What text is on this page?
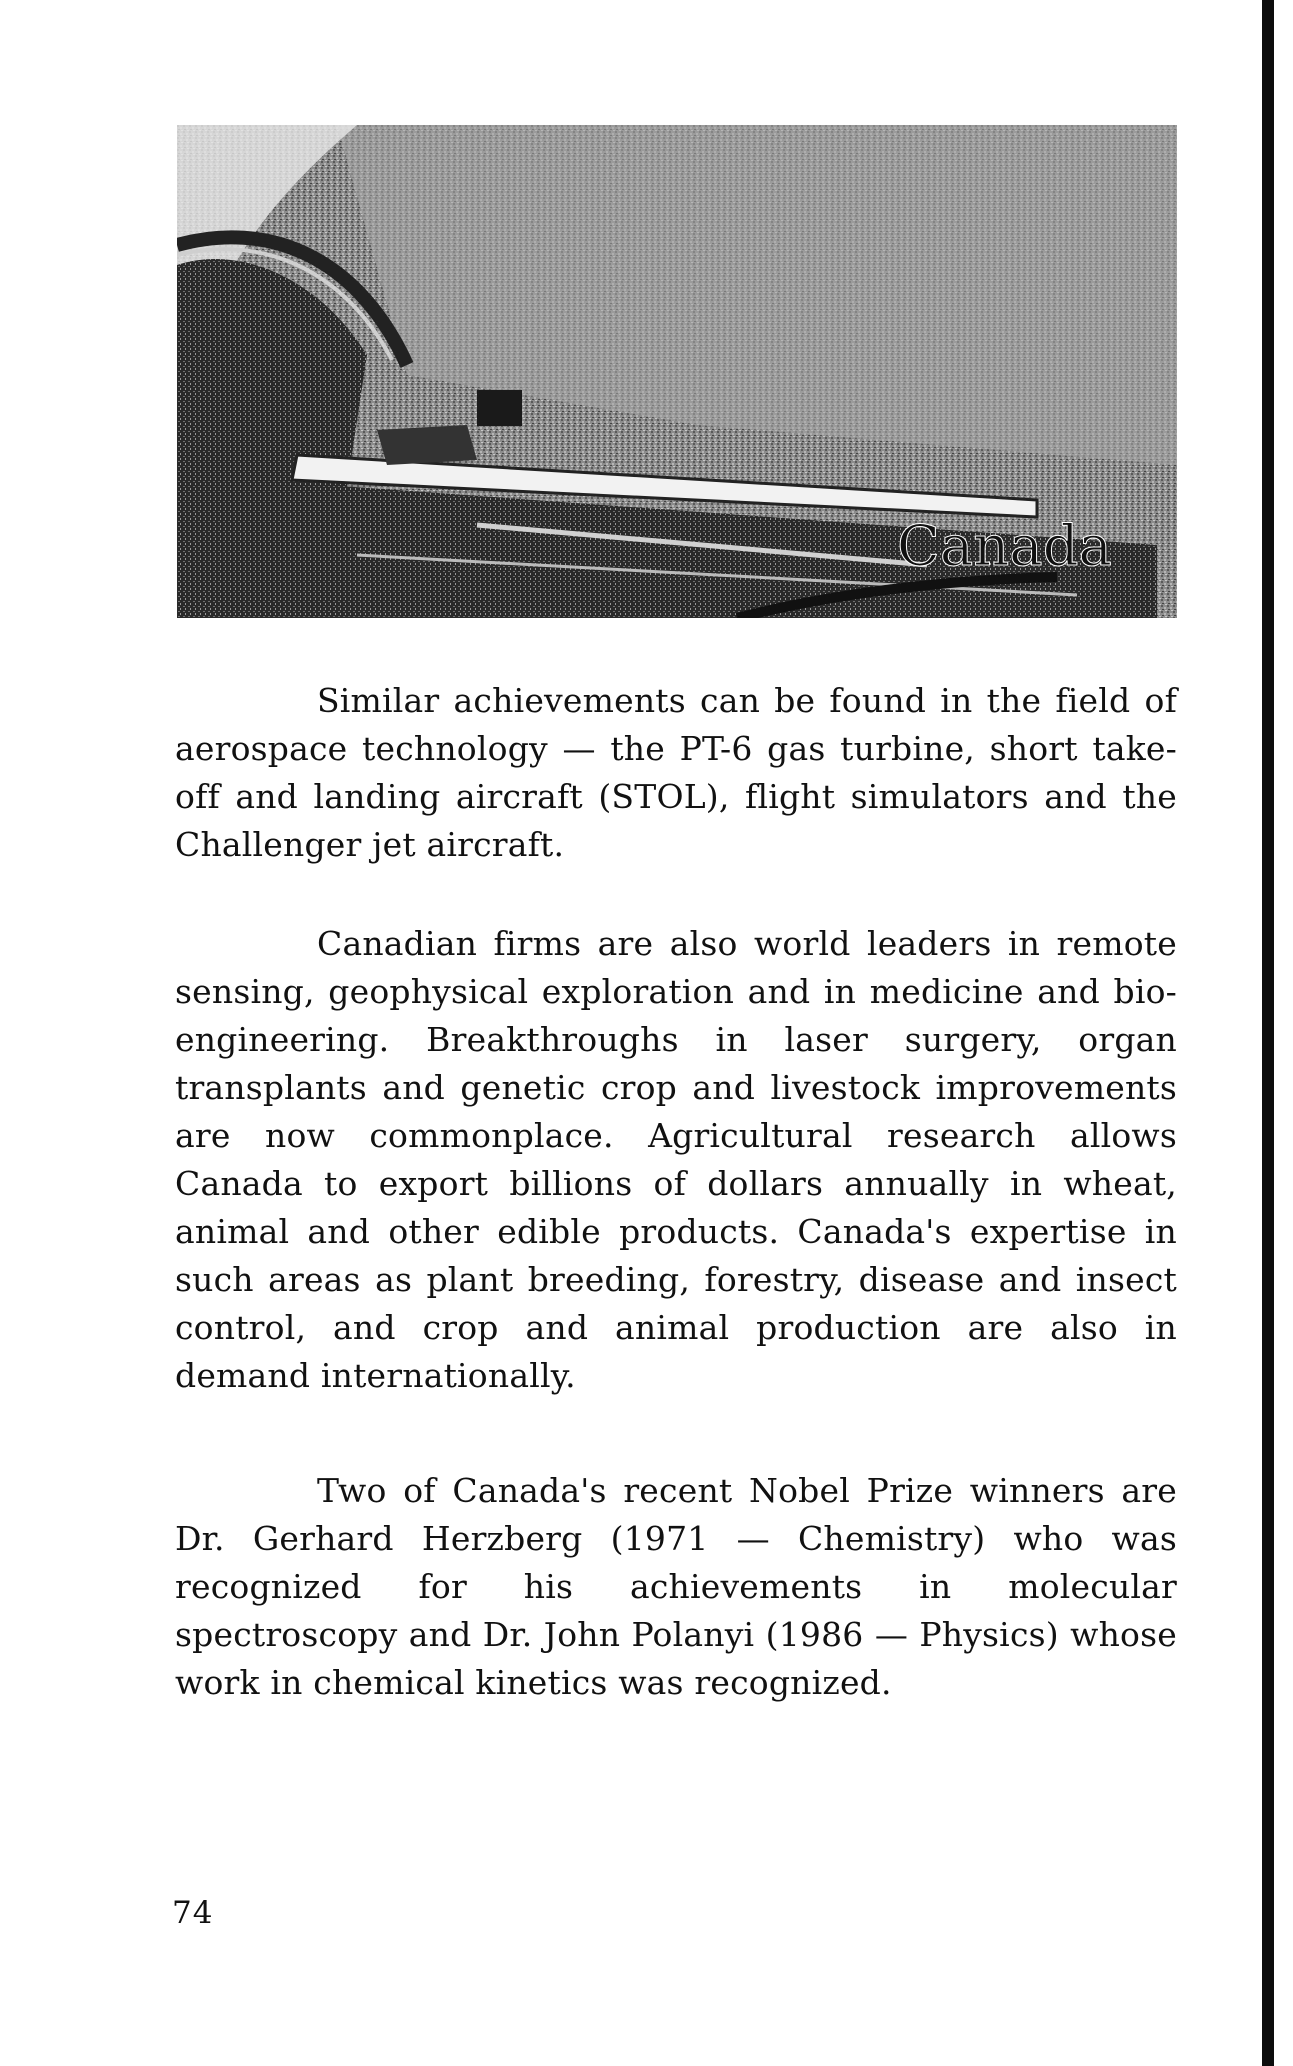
Canada

Similar achievements can be found in the field of aerospace technology — the PT-6 gas turbine, short take-off and landing aircraft (STOL), flight simulators and the Challenger jet aircraft.

Canadian firms are also world leaders in remote sensing, geophysical exploration and in medicine and bio-engineering. Breakthroughs in laser surgery, organ transplants and genetic crop and livestock improvements are now commonplace. Agricultural research allows Canada to export billions of dollars annually in wheat, animal and other edible products. Canada's expertise in such areas as plant breeding, forestry, disease and insect control, and crop and animal production are also in demand internationally.

Two of Canada's recent Nobel Prize winners are Dr. Gerhard Herzberg (1971 — Chemistry) who was recognized for his achievements in molecular spectroscopy and Dr. John Polanyi (1986 — Physics) whose work in chemical kinetics was recognized.

74
